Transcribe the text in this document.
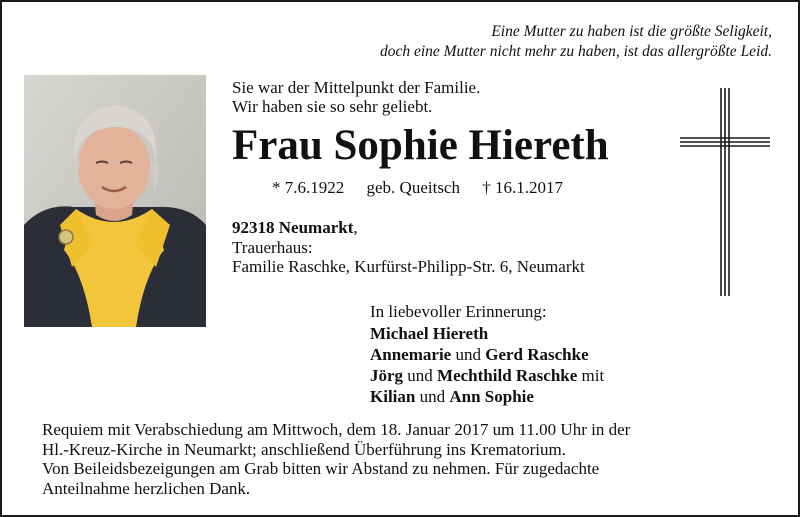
Eine Mutter zu haben ist die größte Seligkeit,
doch eine Mutter nicht mehr zu haben, ist das allergrößte Leid.
Sie war der Mittelpunkt der Familie.
Wir haben sie so sehr geliebt.
Frau Sophie Hiereth
* 7.6.1922 geb. Queitsch † 16.1.2017
92318 Neumarkt,
Trauerhaus:
Familie Raschke, Kurfürst-Philipp-Str. 6, Neumarkt
In liebevoller Erinnerung:
Michael Hiereth
Annemarie und Gerd Raschke
Jörg und Mechthild Raschke mit
Kilian und Ann Sophie
Requiem mit Verabschiedung am Mittwoch, dem 18. Januar 2017 um 11.00 Uhr in der
Hl.-Kreuz-Kirche in Neumarkt; anschließend Überführung ins Krematorium.
Von Beileidsbezeigungen am Grab bitten wir Abstand zu nehmen. Für zugedachte
Anteilnahme herzlichen Dank.
